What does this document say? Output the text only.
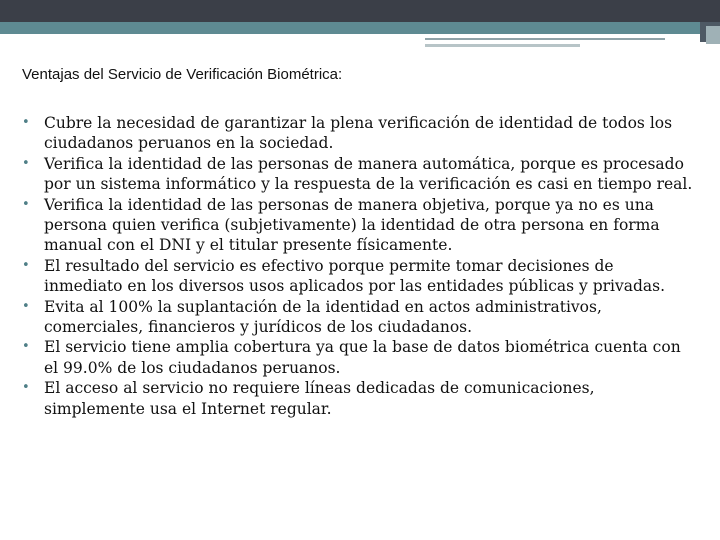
Ventajas del Servicio de Verificación Biométrica:
• Cubre la necesidad de garantizar la plena verificación de identidad de todos los ciudadanos peruanos en la sociedad.
• Verifica la identidad de las personas de manera automática, porque es procesado por un sistema informático y la respuesta de la verificación es casi en tiempo real.
• Verifica la identidad de las personas de manera objetiva, porque ya no es una persona quien verifica (subjetivamente) la identidad de otra persona en forma manual con el DNI y el titular presente físicamente.
• El resultado del servicio es efectivo porque permite tomar decisiones de inmediato en los diversos usos aplicados por las entidades públicas y privadas.
• Evita al 100% la suplantación de la identidad en actos administrativos, comerciales, financieros y jurídicos de los ciudadanos.
• El servicio tiene amplia cobertura ya que la base de datos biométrica cuenta con el 99.0% de los ciudadanos peruanos.
• El acceso al servicio no requiere líneas dedicadas de comunicaciones, simplemente usa el Internet regular.
